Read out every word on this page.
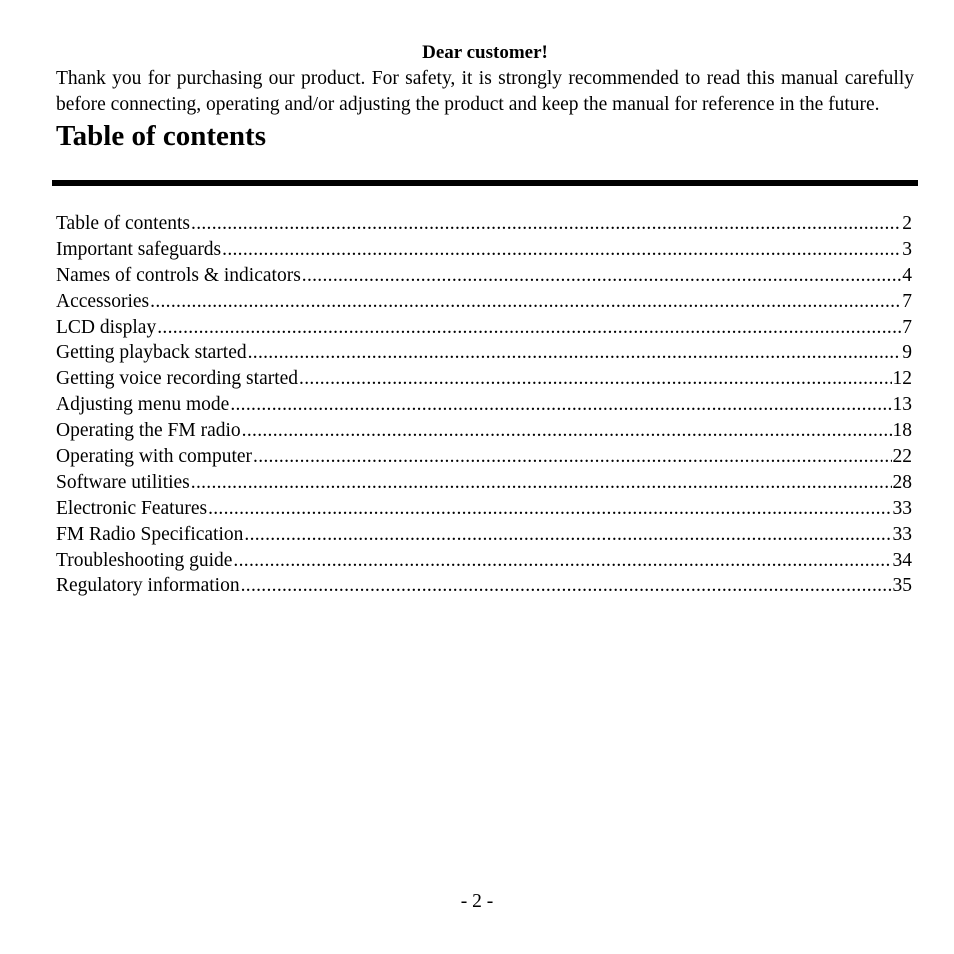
Dear customer!

Thank you for purchasing our product. For safety, it is strongly recommended to read this manual carefully before connecting, operating and/or adjusting the product and keep the manual for reference in the future.

Table of contents
Table of contents .....	2
Important safeguards .....	3
Names of controls & indicators .....	4
Accessories .....	7
LCD display .....	7
Getting playback started .....	9
Getting voice recording started .....	12
Adjusting menu mode .....	13
Operating the FM radio .....	18
Operating with computer .....	22
Software utilities .....	28
Electronic Features .....	33
FM Radio Specification .....	33
Troubleshooting guide .....	34
Regulatory information .....	35
- 2 -
